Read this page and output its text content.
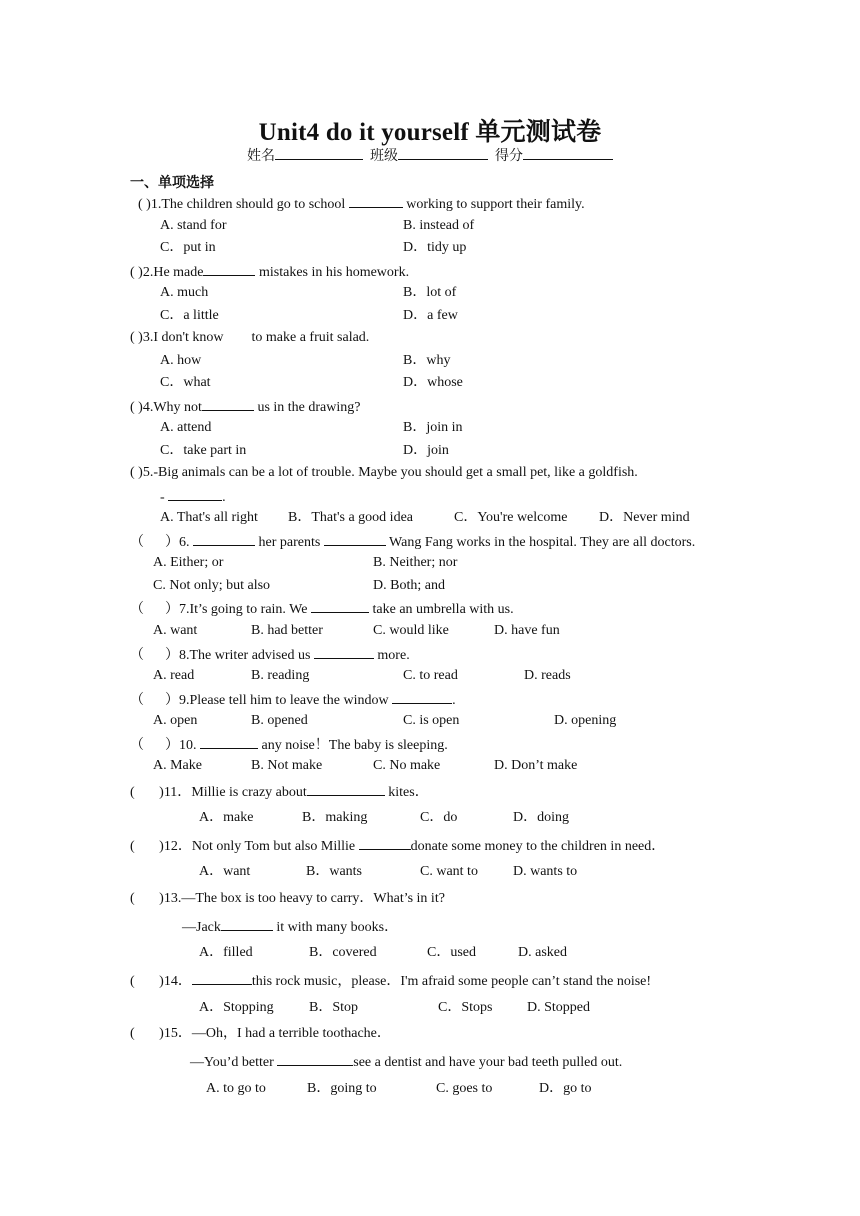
Unit4 do it yourself 单元测试卷
姓名	班级	得分
一、单项选择
( )1.The children should go to school	working to support their family.
A. stand for	B. instead of
C．put in	D．tidy up
( )2.He made	mistakes in his homework.
A. much	B．lot of
C．a little	D．a few
( )3.I don't know        to make a fruit salad.
A. how	B．why
C．what	D．whose
( )4.Why not	us in the drawing?
A. attend	B．join in
C．take part in	D．join
( )5.-Big animals can be a lot of trouble. Maybe you should get a small pet, like a goldfish.
-	.
A. That's all right B．That's a good idea	C．You're welcome D．Never mind
（      ）6.	her parents	Wang Fang works in the hospital. They are all doctors.
A. Either; or	B. Neither; nor
C. Not only; but also	D. Both; and
（      ）7.It’s going to rain. We	take an umbrella with us.
A. want	B. had better	C. would like	D. have fun
（      ）8.The writer advised us	more.
A. read	B. reading	C. to read	D. reads
（      ）9.Please tell him to leave the window	.
A. open	B. opened	C. is open	D. opening
（      ）10.	any noise！The baby is sleeping.
A. Make	B. Not make	C. No make	D. Don’t make
(       )11．Millie is crazy about	kites．
A．make	B．making	C．do	D．doing
(       )12．Not only Tom but also Millie	donate some money to the children in need．
A．want	B．wants	C. want to	D. wants to
(       )13.—The box is too heavy to carry．What’s in it?
—Jack	it with many books．
A．filled	B．covered	C．used	D. asked
(       )14．	this rock music，please．I'm afraid some people can’t stand the noise!
A．Stopping	B．Stop	C．Stops D. Stopped
(       )15．—Oh，I had a terrible toothache．
—You’d better	see a dentist and have your bad teeth pulled out.
A. to go to	B．going to	C. goes to	D．go to
